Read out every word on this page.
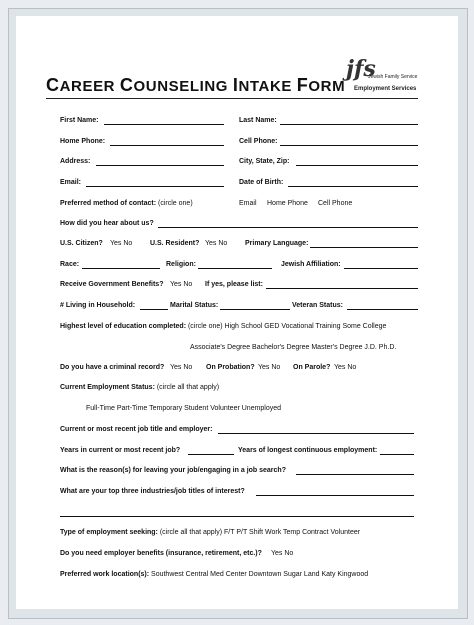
CAREER COUNSELING INTAKE FORM
jfs
Jewish Family Service
Employment Services
First Name:	Last Name:
Home Phone:	Cell Phone:
Address:	City, State, Zip:
Email:	Date of Birth:
Preferred method of contact: (circle one)	Email Home Phone Cell Phone
How did you hear about us?
U.S. Citizen? Yes No	U.S. Resident? Yes No	Primary Language:
Race:	Religion:	Jewish Affiliation:
Receive Government Benefits? Yes No If yes, please list:
# Living in Household:	Marital Status:	Veteran Status:
Highest level of education completed: (circle one) High School GED Vocational Training Some College
Associate's Degree Bachelor's Degree Master's Degree J.D. Ph.D.
Do you have a criminal record? Yes No On Probation? Yes No On Parole? Yes No
Current Employment Status: (circle all that apply)
Full-Time Part-Time Temporary Student Volunteer Unemployed
Current or most recent job title and employer:
Years in current or most recent job?	Years of longest continuous employment:
What is the reason(s) for leaving your job/engaging in a job search?
What are your top three industries/job titles of interest?
Type of employment seeking: (circle all that apply) F/T P/T Shift Work Temp Contract Volunteer
Do you need employer benefits (insurance, retirement, etc.)? Yes No
Preferred work location(s): Southwest Central Med Center Downtown Sugar Land Katy Kingwood
